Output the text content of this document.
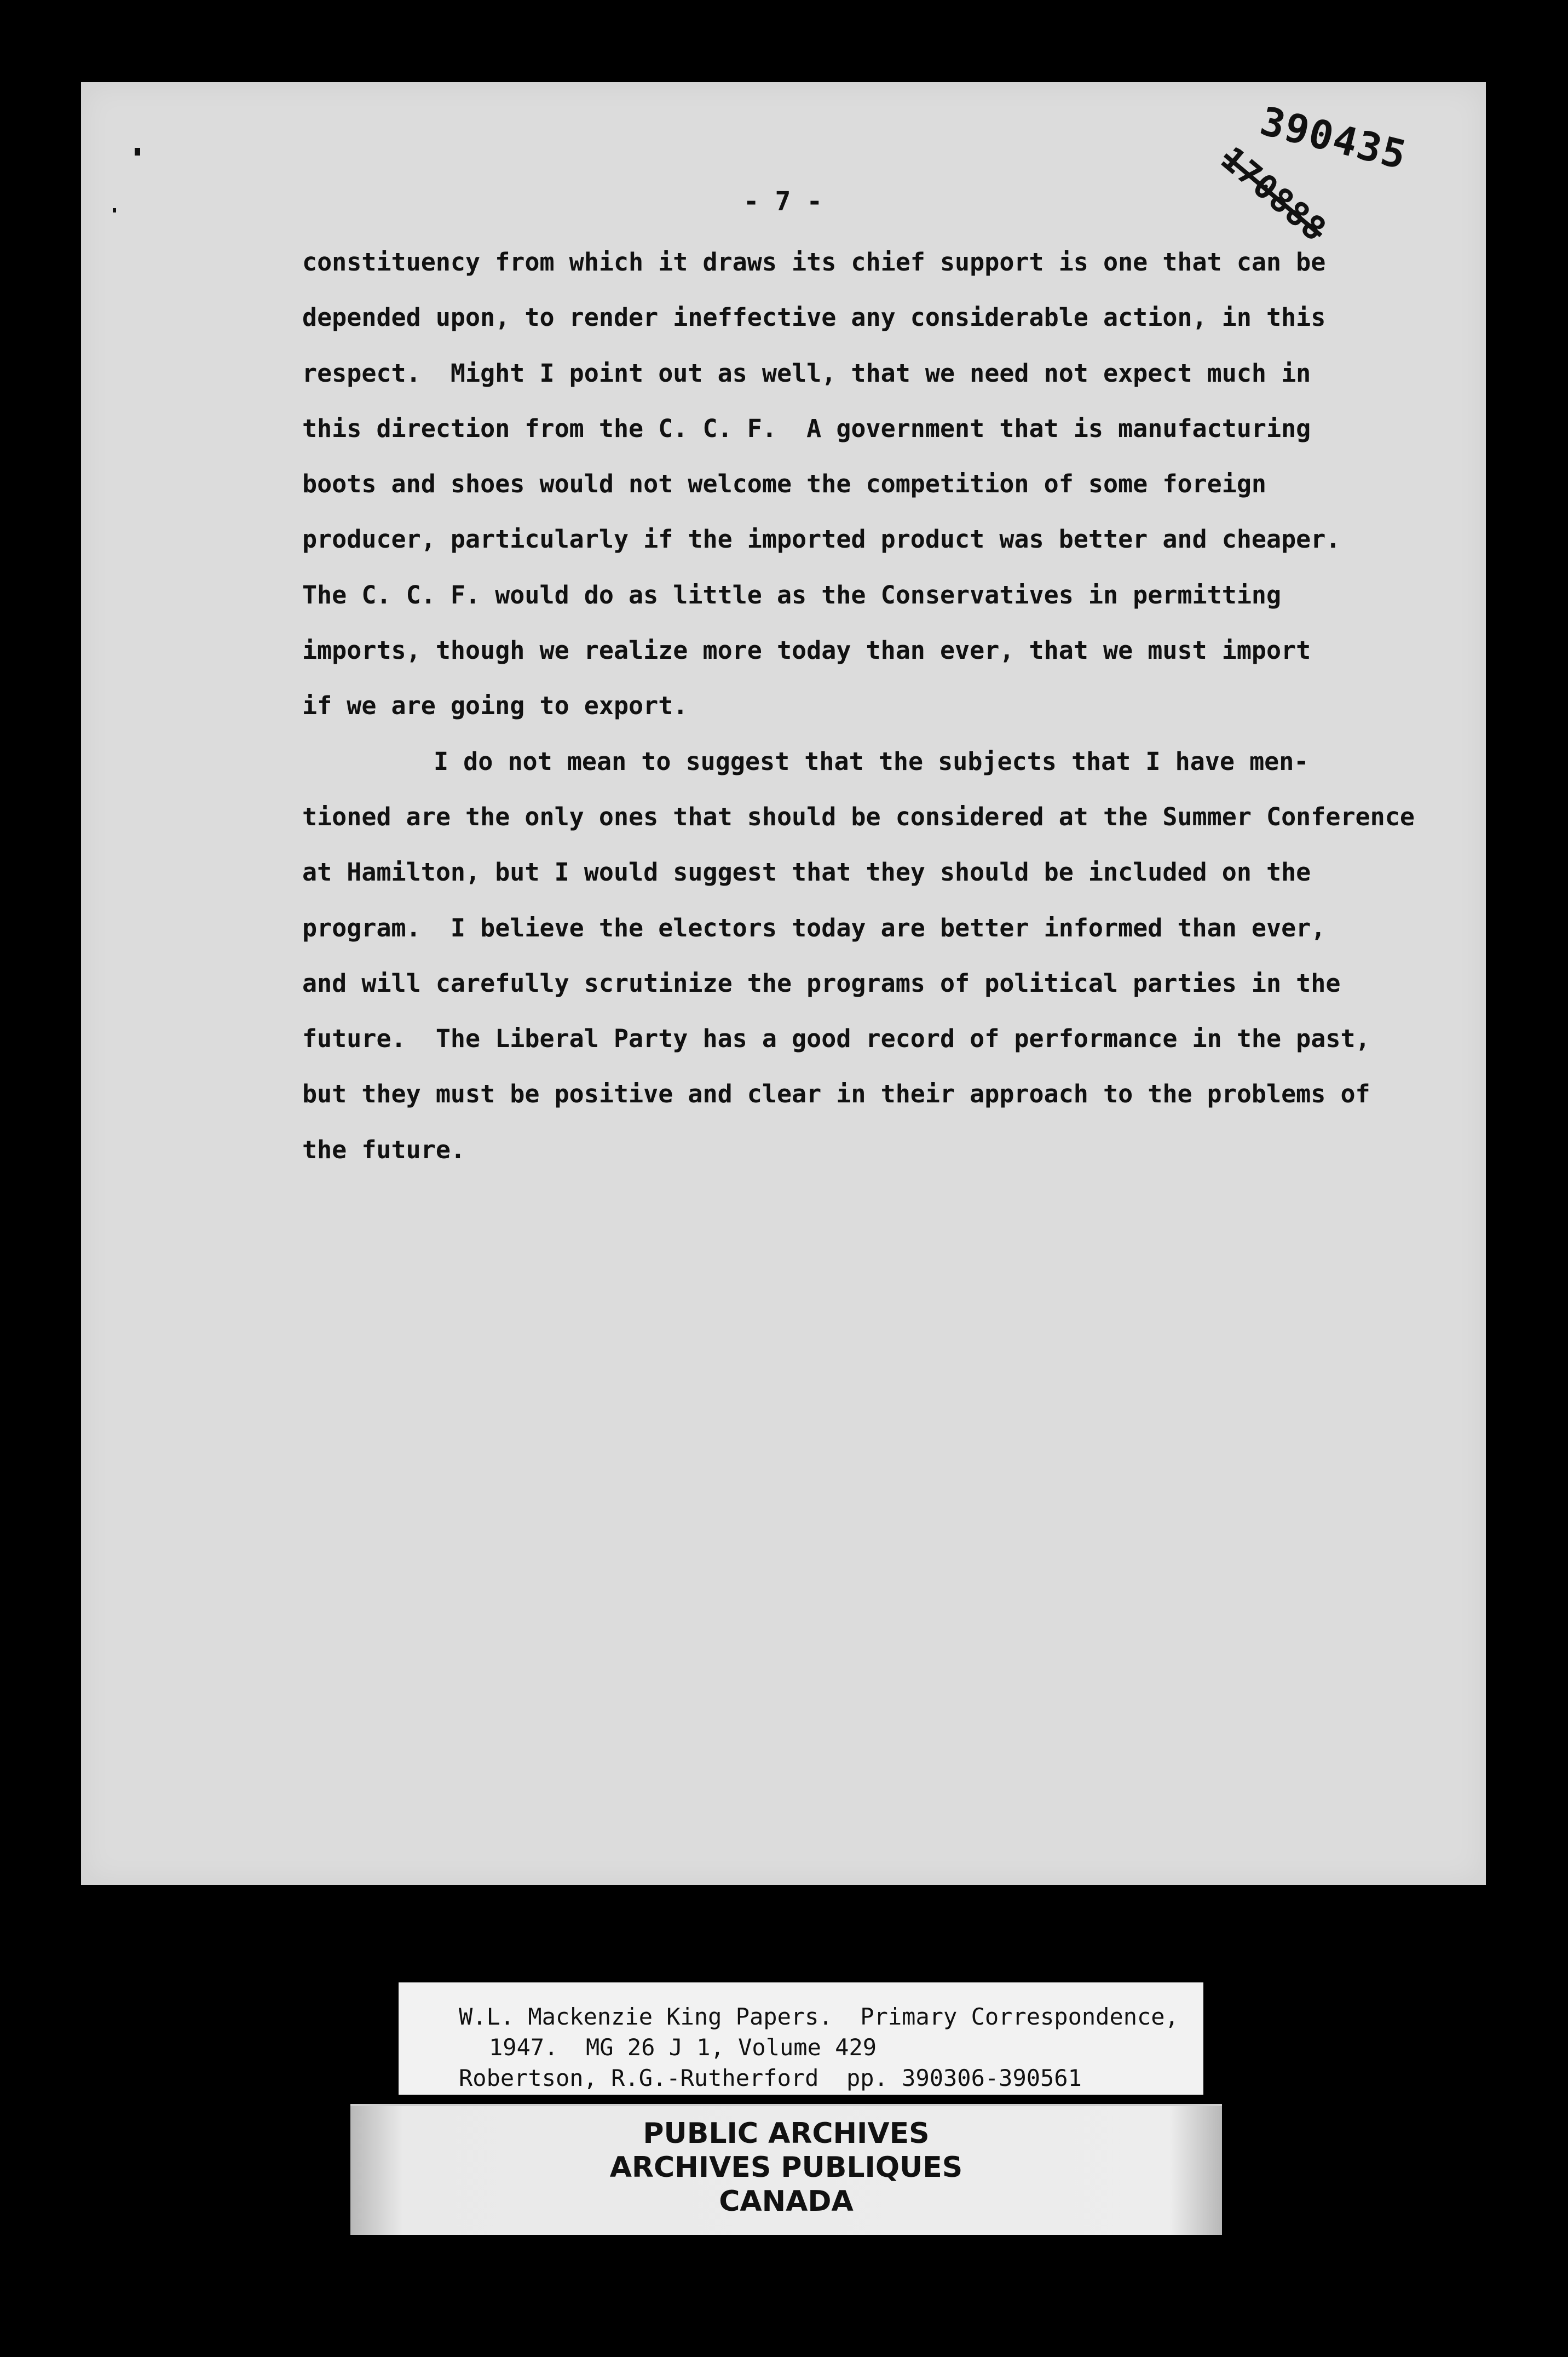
390435
170888
- 7 -
constituency from which it draws its chief support is one that can be
depended upon, to render ineffective any considerable action, in this
respect.  Might I point out as well, that we need not expect much in
this direction from the C. C. F.  A government that is manufacturing
boots and shoes would not welcome the competition of some foreign
producer, particularly if the imported product was better and cheaper.
The C. C. F. would do as little as the Conservatives in permitting
imports, though we realize more today than ever, that we must import
if we are going to export.
I do not mean to suggest that the subjects that I have men-
tioned are the only ones that should be considered at the Summer Conference
at Hamilton, but I would suggest that they should be included on the
program.  I believe the electors today are better informed than ever,
and will carefully scrutinize the programs of political parties in the
future.  The Liberal Party has a good record of performance in the past,
but they must be positive and clear in their approach to the problems of
the future.
W.L. Mackenzie King Papers.  Primary Correspondence,
1947.  MG 26 J 1, Volume 429
Robertson, R.G.-Rutherford  pp. 390306-390561
PUBLIC ARCHIVES
ARCHIVES PUBLIQUES
CANADA
